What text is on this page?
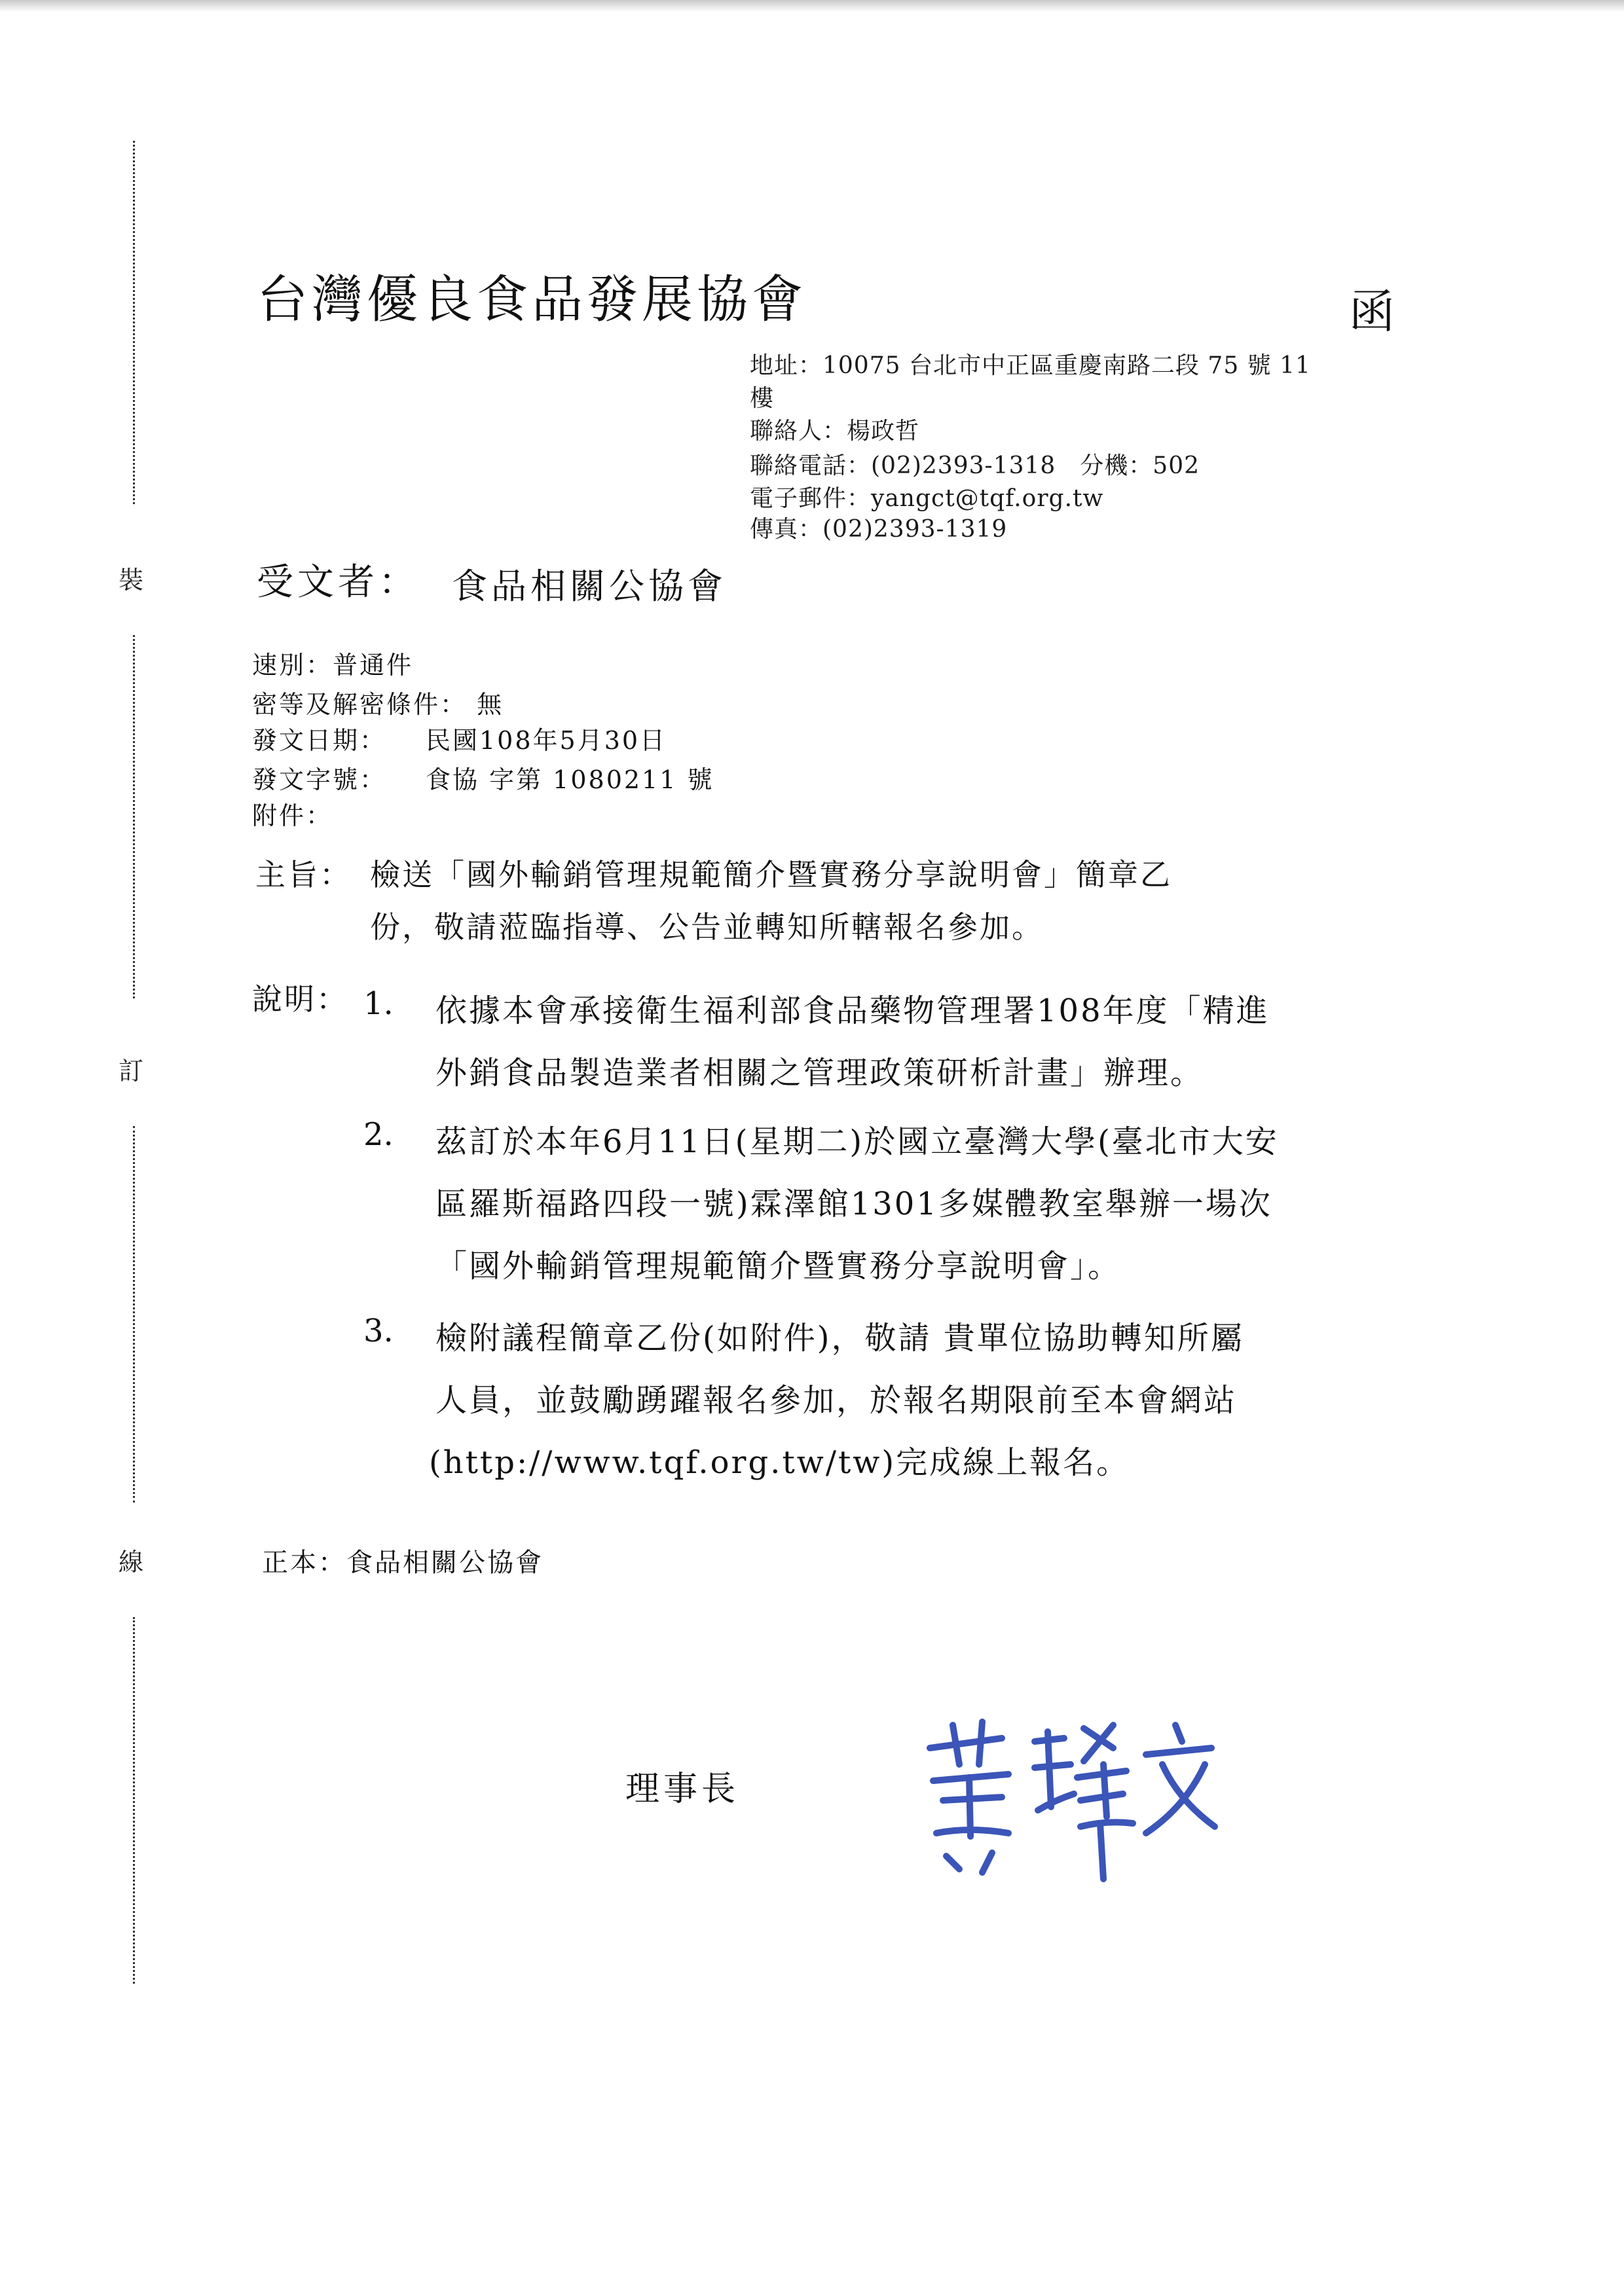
裝
訂
線
台灣優良食品發展協會	函
地址：10075 台北市中正區重慶南路二段 75 號 11
樓
聯絡人：楊政哲
聯絡電話：(02)2393-1318　分機：502
電子郵件：yangct@tqf.org.tw
傳真：(02)2393-1319
受文者： 食品相關公協會
速別：普通件
密等及解密條件： 無
發文日期： 民國108年5月30日
發文字號： 食協 字第 1080211 號
附件：
主旨： 檢送「國外輸銷管理規範簡介暨實務分享說明會」簡章乙
份，敬請蒞臨指導、公告並轉知所轄報名參加。
說明： 1. 依據本會承接衛生福利部食品藥物管理署108年度「精進
外銷食品製造業者相關之管理政策研析計畫」辦理。
2. 茲訂於本年6月11日(星期二)於國立臺灣大學(臺北市大安
區羅斯福路四段一號)霖澤館1301多媒體教室舉辦一場次
「國外輸銷管理規範簡介暨實務分享說明會」。
3. 檢附議程簡章乙份(如附件)，敬請 貴單位協助轉知所屬
人員，並鼓勵踴躍報名參加，於報名期限前至本會網站
(http://www.tqf.org.tw/tw)完成線上報名。
正本：食品相關公協會
理事長
